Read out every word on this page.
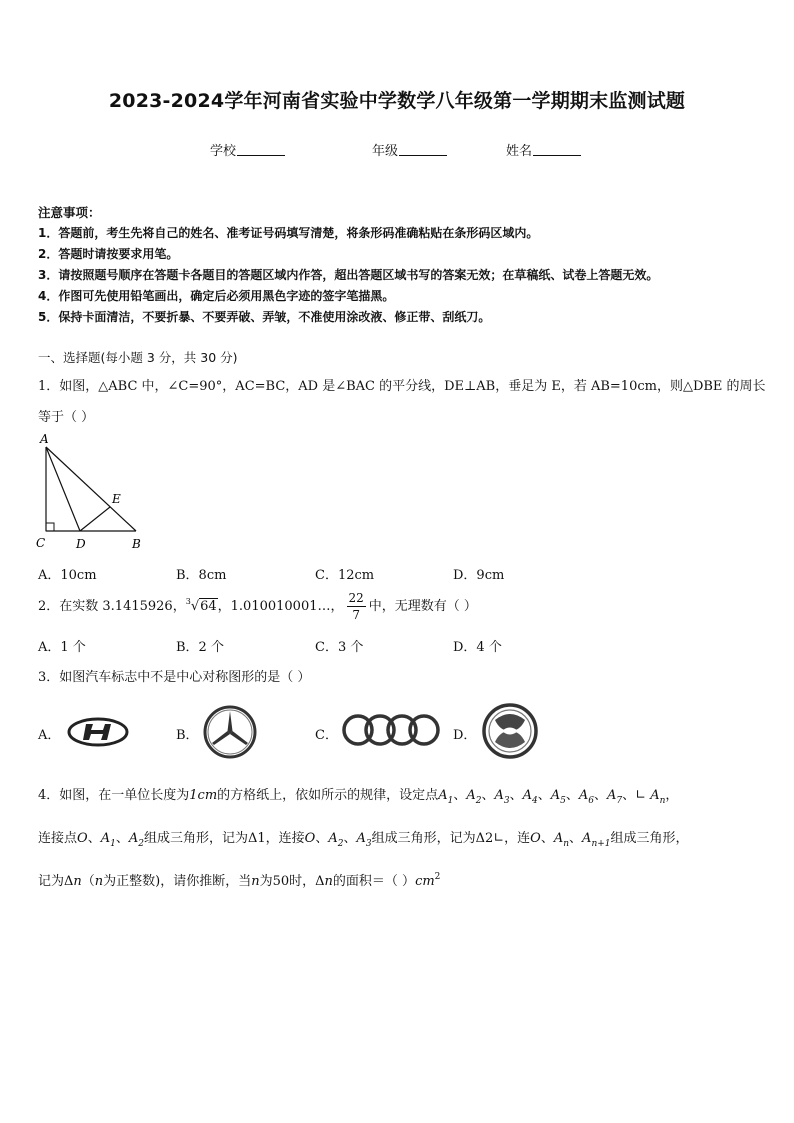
2023-2024学年河南省实验中学数学八年级第一学期期末监测试题
学校	年级	姓名
注意事项：
1．答题前，考生先将自己的姓名、准考证号码填写清楚，将条形码准确粘贴在条形码区域内。
2．答题时请按要求用笔。
3．请按照题号顺序在答题卡各题目的答题区域内作答，超出答题区域书写的答案无效；在草稿纸、试卷上答题无效。
4．作图可先使用铅笔画出，确定后必须用黑色字迹的签字笔描黑。
5．保持卡面清洁，不要折暴、不要弄破、弄皱，不准使用涂改液、修正带、刮纸刀。
一、选择题(每小题 3 分，共 30 分)
1．如图，△ABC 中，∠C=90°，AC=BC，AD 是∠BAC 的平分线，DE⊥AB，垂足为 E，若 AB=10cm，则△DBE 的周长
等于（ ）
A
C	D	B
E
A．10cm	B．8cm	C．12cm	D．9cm
2．在实数 3.1415926，$^3$√64，1.010010001…， $\frac{22}{7}$ 中，无理数有（ ）
A．1 个	B．2 个	C．3 个	D．4 个
3．如图汽车标志中不是中心对称图形的是（ ）
A．	B．	C．	D．
4．如图，在一单位长度为1cm的方格纸上，依如所示的规律，设定点$A_1$、$A_2$、$A_3$、$A_4$、$A_5$、$A_6$、$A_7$、∟ $A_n$，
连接点O、$A_1$、$A_2$组成三角形，记为Δ1，连接O、$A_2$、$A_3$组成三角形，记为Δ2∟，连O、$A_n$、$A_{n+1}$组成三角形，
记为Δn（n为正整数)，请你推断，当n为50时，Δn的面积＝（ ）$cm^2$
